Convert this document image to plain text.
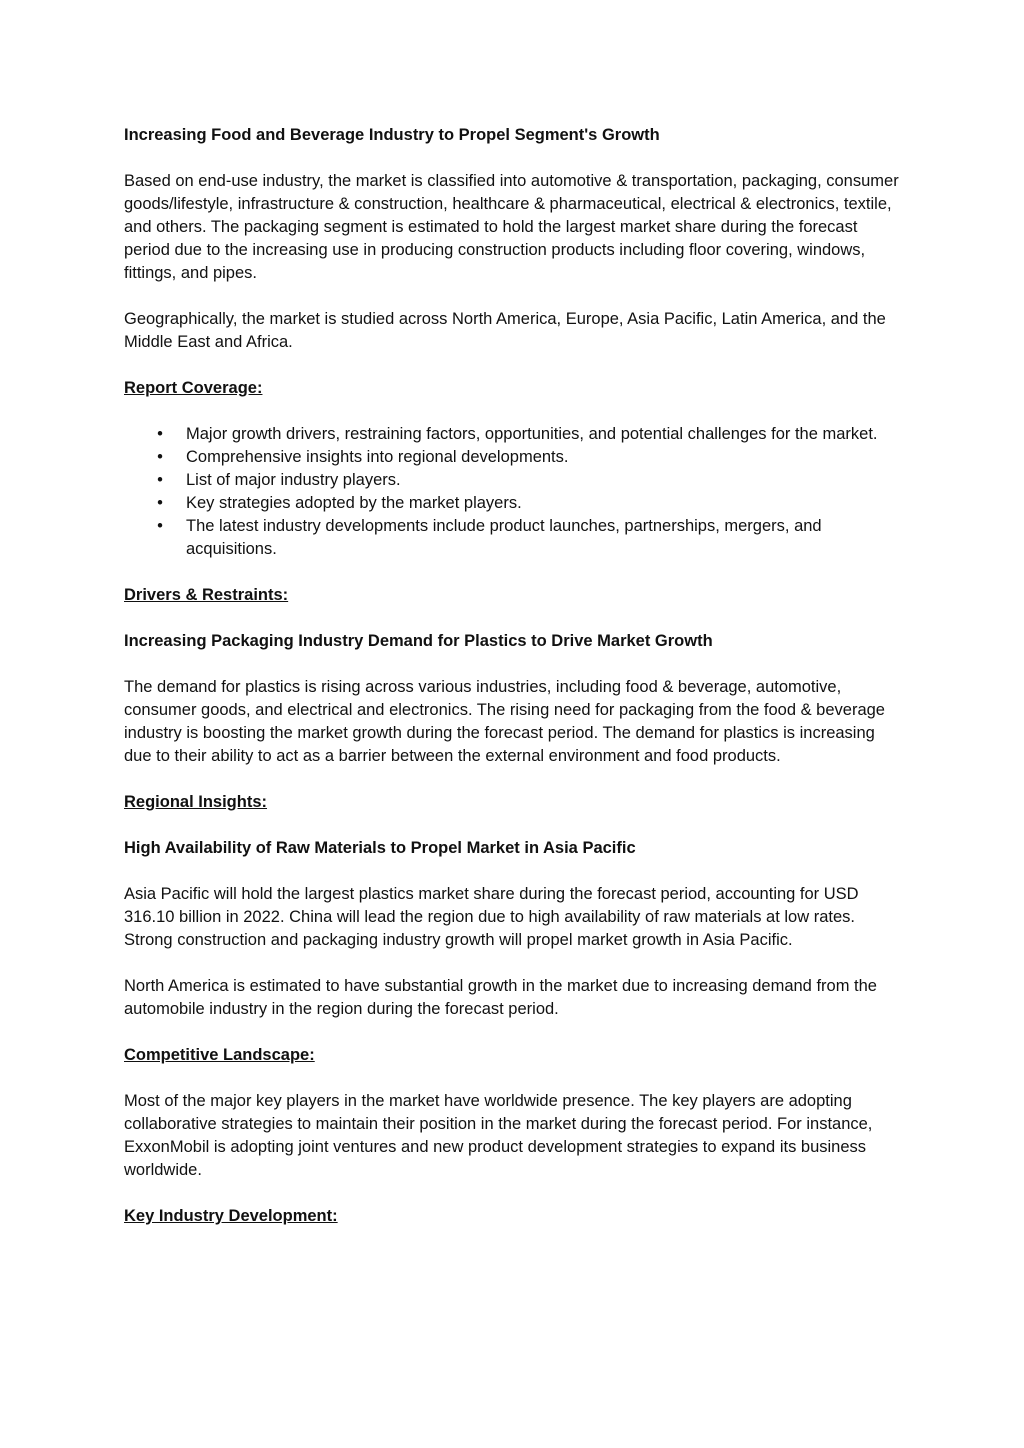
Increasing Food and Beverage Industry to Propel Segment's Growth

Based on end-use industry, the market is classified into automotive & transportation, packaging, consumer goods/lifestyle, infrastructure & construction, healthcare & pharmaceutical, electrical & electronics, textile, and others. The packaging segment is estimated to hold the largest market share during the forecast period due to the increasing use in producing construction products including floor covering, windows, fittings, and pipes.

Geographically, the market is studied across North America, Europe, Asia Pacific, Latin America, and the Middle East and Africa.

Report Coverage:
• Major growth drivers, restraining factors, opportunities, and potential challenges for the market.
• Comprehensive insights into regional developments.
• List of major industry players.
• Key strategies adopted by the market players.
• The latest industry developments include product launches, partnerships, mergers, and acquisitions.
Drivers & Restraints:
Increasing Packaging Industry Demand for Plastics to Drive Market Growth

The demand for plastics is rising across various industries, including food & beverage, automotive, consumer goods, and electrical and electronics. The rising need for packaging from the food & beverage industry is boosting the market growth during the forecast period. The demand for plastics is increasing due to their ability to act as a barrier between the external environment and food products.

Regional Insights:
High Availability of Raw Materials to Propel Market in Asia Pacific

Asia Pacific will hold the largest plastics market share during the forecast period, accounting for USD 316.10 billion in 2022. China will lead the region due to high availability of raw materials at low rates. Strong construction and packaging industry growth will propel market growth in Asia Pacific.

North America is estimated to have substantial growth in the market due to increasing demand from the automobile industry in the region during the forecast period.

Competitive Landscape:

Most of the major key players in the market have worldwide presence. The key players are adopting collaborative strategies to maintain their position in the market during the forecast period. For instance, ExxonMobil is adopting joint ventures and new product development strategies to expand its business worldwide.

Key Industry Development:
